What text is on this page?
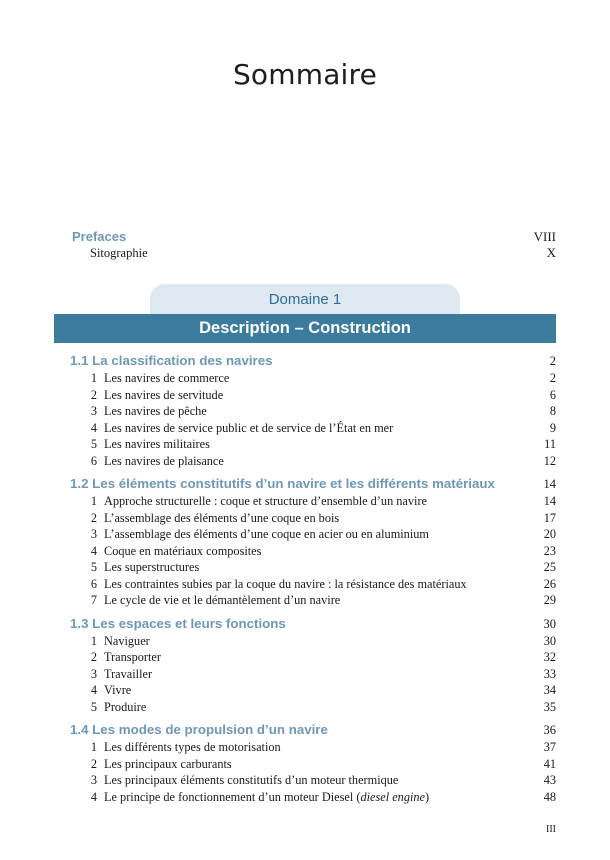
Sommaire
Prefaces	VIII
Sitographie	X
Domaine 1
Description – Construction
1.1 La classification des navires	2
1 Les navires de commerce	2
2 Les navires de servitude	6
3 Les navires de pêche	8
4 Les navires de service public et de service de l’État en mer	9
5 Les navires militaires	11
6 Les navires de plaisance	12
1.2 Les éléments constitutifs d’un navire et les différents matériaux	14
1 Approche structurelle : coque et structure d’ensemble d’un navire	14
2 L’assemblage des éléments d’une coque en bois	17
3 L’assemblage des éléments d’une coque en acier ou en aluminium	20
4 Coque en matériaux composites	23
5 Les superstructures	25
6 Les contraintes subies par la coque du navire : la résistance des matériaux	26
7 Le cycle de vie et le démantèlement d’un navire	29
1.3 Les espaces et leurs fonctions	30
1 Naviguer	30
2 Transporter	32
3 Travailler	33
4 Vivre	34
5 Produire	35
1.4 Les modes de propulsion d’un navire	36
1 Les différents types de motorisation	37
2 Les principaux carburants	41
3 Les principaux éléments constitutifs d’un moteur thermique	43
4 Le principe de fonctionnement d’un moteur Diesel (diesel engine)	48
III
